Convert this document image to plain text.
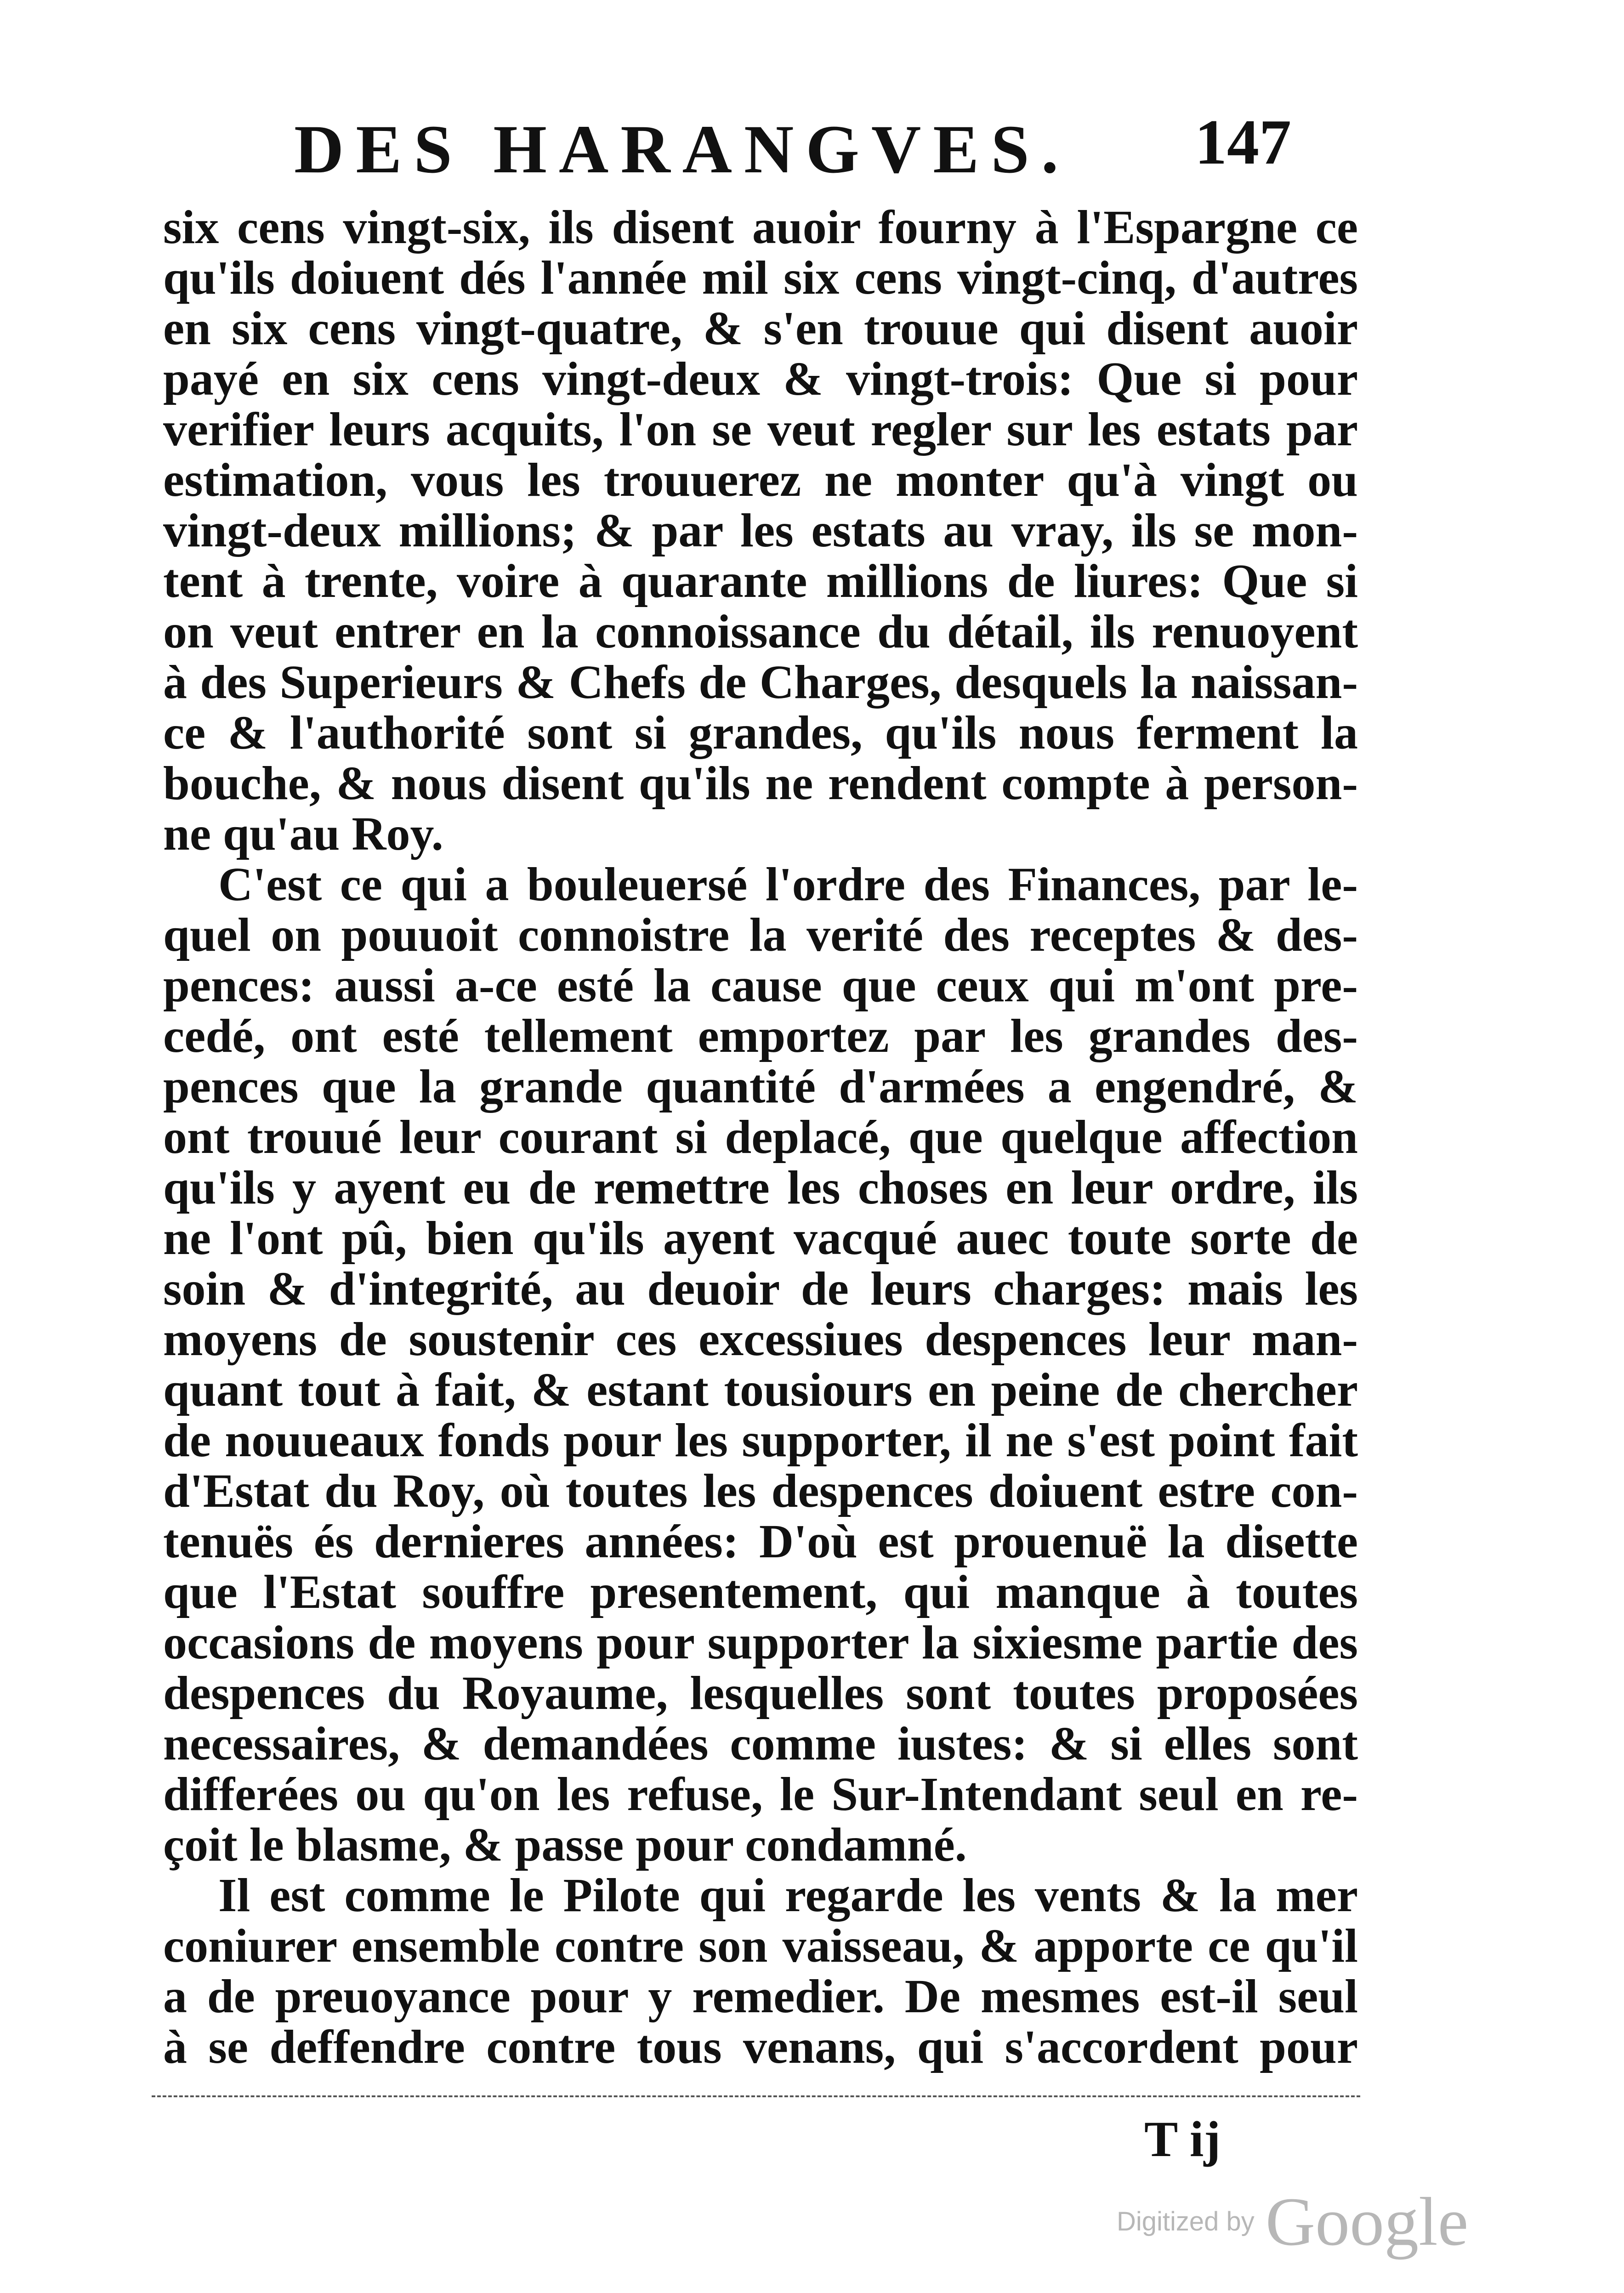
DES HARANGVES.	147
six cens vingt-six, ils disent auoir fourny à l'Espargne ce
qu'ils doiuent dés l'année mil six cens vingt-cinq, d'autres
en six cens vingt-quatre, & s'en trouue qui disent auoir
payé en six cens vingt-deux & vingt-trois: Que si pour
verifier leurs acquits, l'on se veut regler sur les estats par
estimation, vous les trouuerez ne monter qu'à vingt ou
vingt-deux millions; & par les estats au vray, ils se mon-
tent à trente, voire à quarante millions de liures: Que si
on veut entrer en la connoissance du détail, ils renuoyent
à des Superieurs & Chefs de Charges, desquels la naissan-
ce & l'authorité sont si grandes, qu'ils nous ferment la
bouche, & nous disent qu'ils ne rendent compte à person-
ne qu'au Roy.
C'est ce qui a bouleuersé l'ordre des Finances, par le-
quel on pouuoit connoistre la verité des receptes & des-
pences: aussi a-ce esté la cause que ceux qui m'ont pre-
cedé, ont esté tellement emportez par les grandes des-
pences que la grande quantité d'armées a engendré, &
ont trouué leur courant si deplacé, que quelque affection
qu'ils y ayent eu de remettre les choses en leur ordre, ils
ne l'ont pû, bien qu'ils ayent vacqué auec toute sorte de
soin & d'integrité, au deuoir de leurs charges: mais les
moyens de soustenir ces excessiues despences leur man-
quant tout à fait, & estant tousiours en peine de chercher
de nouueaux fonds pour les supporter, il ne s'est point fait
d'Estat du Roy, où toutes les despences doiuent estre con-
tenuës és dernieres années: D'où est prouenuë la disette
que l'Estat souffre presentement, qui manque à toutes
occasions de moyens pour supporter la sixiesme partie des
despences du Royaume, lesquelles sont toutes proposées
necessaires, & demandées comme iustes: & si elles sont
differées ou qu'on les refuse, le Sur-Intendant seul en re-
çoit le blasme, & passe pour condamné.
Il est comme le Pilote qui regarde les vents & la mer
coniurer ensemble contre son vaisseau, & apporte ce qu'il
a de preuoyance pour y remedier. De mesmes est-il seul
à se deffendre contre tous venans, qui s'accordent pour
T ij
Digitized by Google
